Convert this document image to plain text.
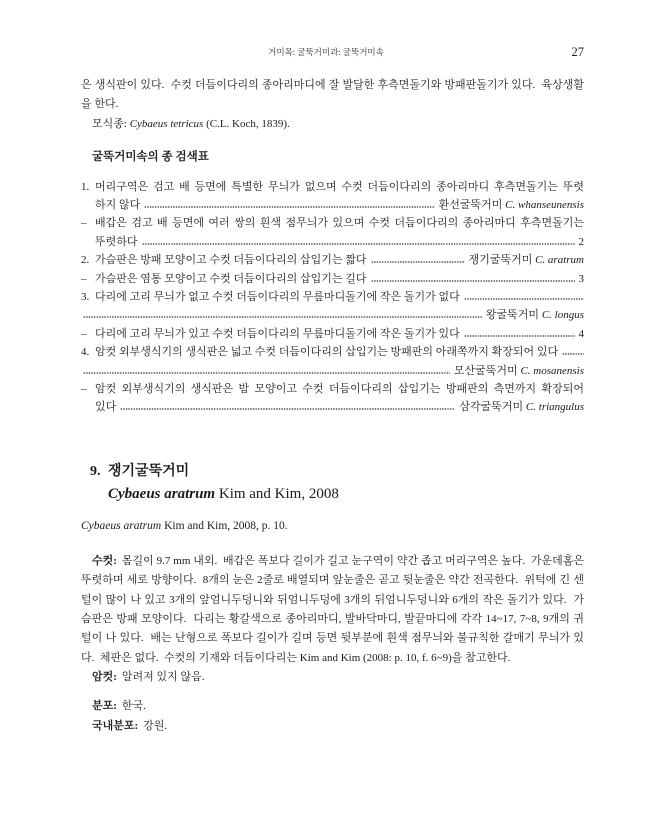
거미목: 굴뚝거미과: 굴뚝거미속	27

은 생식판이 있다.  수컷 더듬이다리의 종아리마디에 잘 발달한 후측면돌기와 방패판돌기가 있다.  육상생활을 한다.

모식종: Cybaeus tetricus (C.L. Koch, 1839).

굴뚝거미속의 종 검색표
1. 머리구역은 검고 배 등면에 특별한 무늬가 없으며 수컷 더듬이다리의 종아리마디 후측면돌기는 뚜렷
하지 않다	환선굴뚝거미 C. whanseunensis
– 배갑은 검고 배 등면에 여러 쌍의 흰색 점무늬가 있으며 수컷 더듬이다리의 종아리마디 후측면돌기는
뚜렷하다	2
2. 가슴판은 방패 모양이고 수컷 더듬이다리의 삽입기는 짧다	쟁기굴뚝거미 C. aratrum
– 가슴판은 염통 모양이고 수컷 더듬이다리의 삽입기는 길다	3
3. 다리에 고리 무늬가 없고 수컷 더듬이다리의 무릎마디돌기에 작은 돌기가 없다
왕굴뚝거미 C. longus
– 다리에 고리 무늬가 있고 수컷 더듬이다리의 무릎마디돌기에 작은 돌기가 있다	4
4. 암컷 외부생식기의 생식판은 넓고 수컷 더듬이다리의 삽입기는 방패판의 아래쪽까지 확장되어 있다
모산굴뚝거미 C. mosanensis
– 암컷 외부생식기의 생식판은 밤 모양이고 수컷 더듬이다리의 삽입기는 방패판의 측면까지 확장되어
있다	삼각굴뚝거미 C. triangulus
9. 쟁기굴뚝거미
Cybaeus aratrum Kim and Kim, 2008

Cybaeus aratrum Kim and Kim, 2008, p. 10.

수컷: 몸길이 9.7 mm 내외.  배갑은 폭보다 길이가 길고 눈구역이 약간 좁고 머리구역은 높다.  가운데홈은 뚜렷하며 세로 방향이다.  8개의 눈은 2줄로 배열되며 앞눈줄은 곧고 뒷눈줄은 약간 전곡한다.  위턱에 긴 센털이 많이 나 있고 3개의 앞엄니두덩니와 뒤엄니두덩에 3개의 뒤엄니두덩니와 6개의 작은 돌기가 있다.  가슴판은 방패 모양이다.  다리는 황갈색으로 종아리마디, 발바닥마디, 발끝마디에 각각 14~17, 7~8, 9개의 귀털이 나 있다.  배는 난형으로 폭보다 길이가 길며 등면 뒷부분에 흰색 점무늬와 불규칙한 갈매기 무늬가 있다.  체판은 없다.  수컷의 기재와 더듬이다리는 Kim and Kim (2008: p. 10, f. 6~9)을 참고한다.

암컷: 알려져 있지 않음.

분포: 한국.

국내분포: 강원.
